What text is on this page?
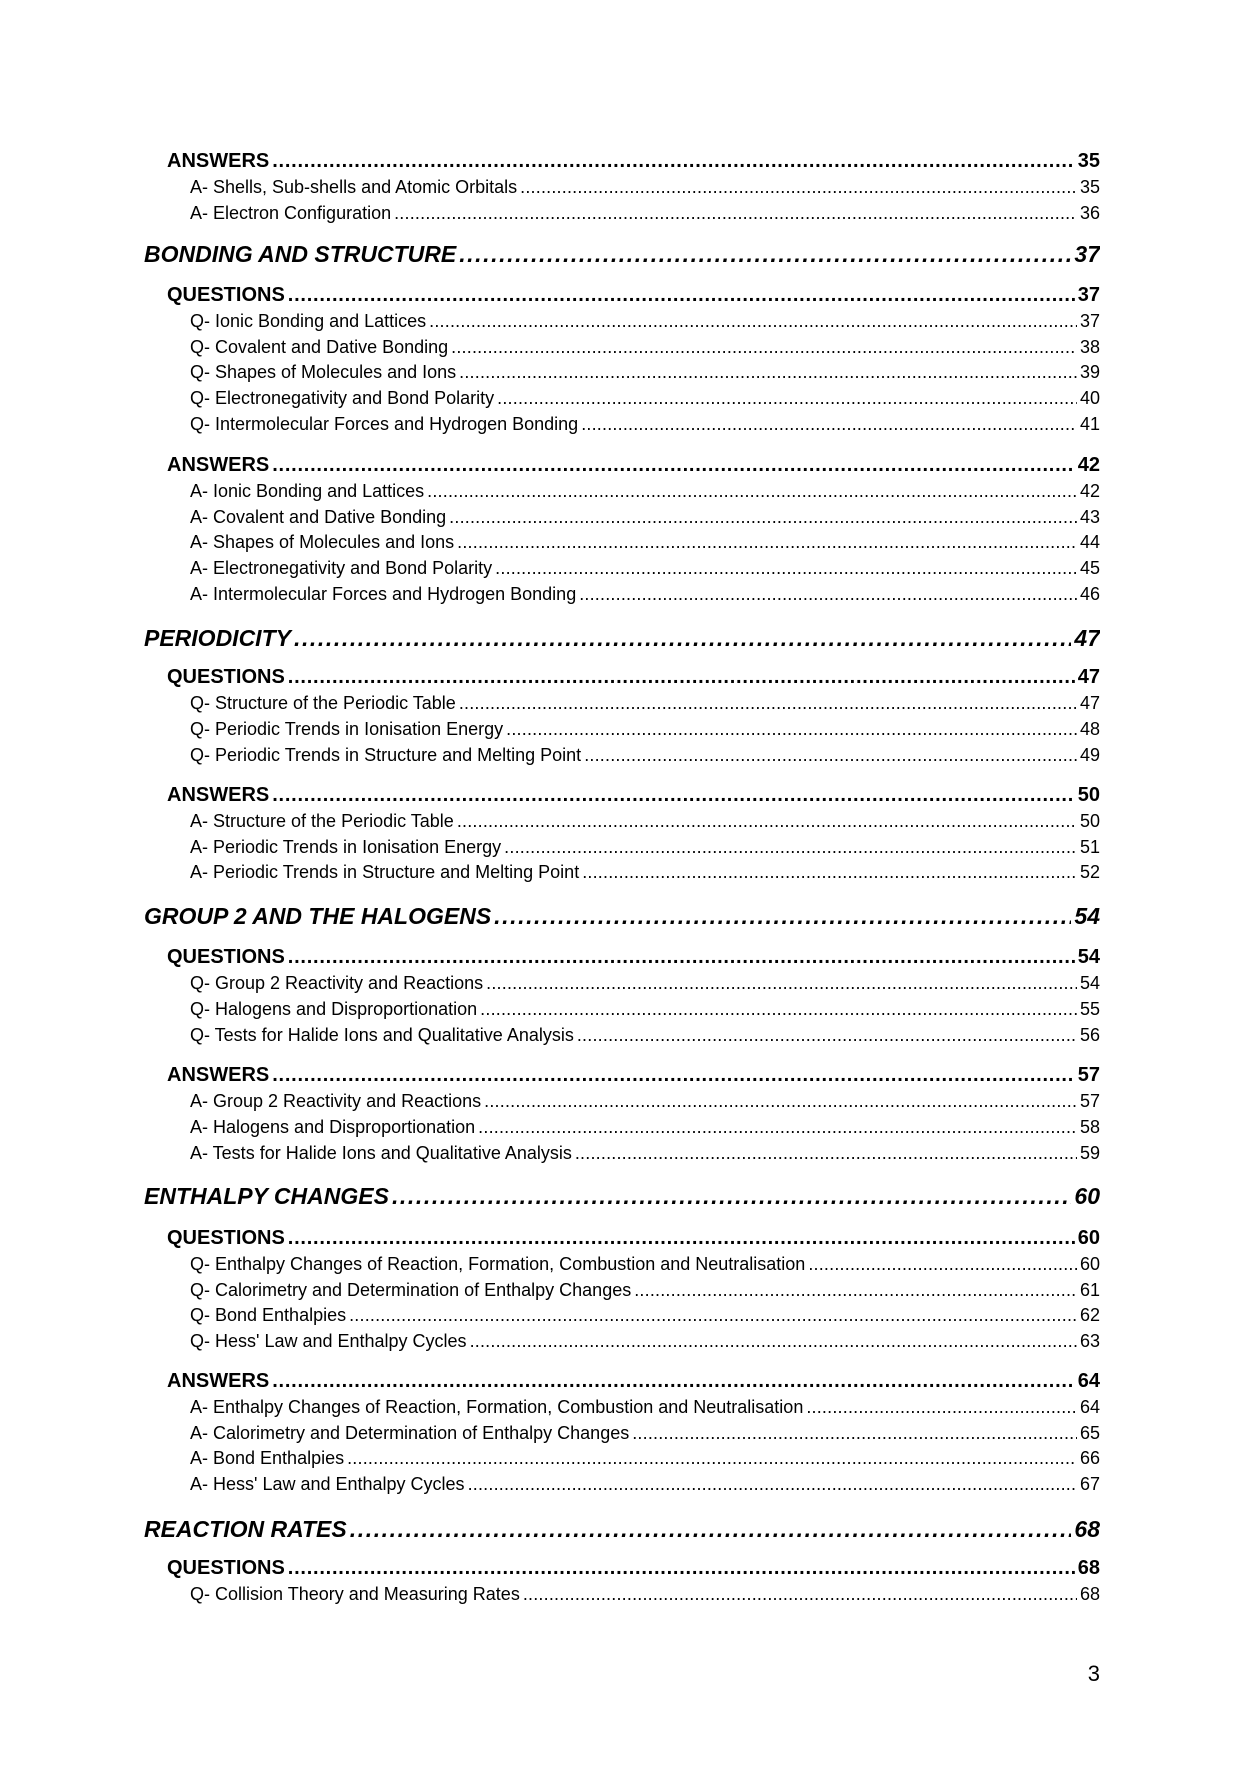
ANSWERS . . .	35
A- Shells, Sub-shells and Atomic Orbitals . . .	35
A- Electron Configuration . . .	36
BONDING AND STRUCTURE . . .	37
QUESTIONS . . .	37
Q- Ionic Bonding and Lattices . . .	37
Q- Covalent and Dative Bonding . . .	38
Q- Shapes of Molecules and Ions . . .	39
Q- Electronegativity and Bond Polarity . . .	40
Q- Intermolecular Forces and Hydrogen Bonding . . .	41
ANSWERS . . .	42
A- Ionic Bonding and Lattices . . .	42
A- Covalent and Dative Bonding . . .	43
A- Shapes of Molecules and Ions . . .	44
A- Electronegativity and Bond Polarity . . .	45
A- Intermolecular Forces and Hydrogen Bonding . . .	46
PERIODICITY . . .	47
QUESTIONS . . .	47
Q- Structure of the Periodic Table . . .	47
Q- Periodic Trends in Ionisation Energy . . .	48
Q- Periodic Trends in Structure and Melting Point . . .	49
ANSWERS . . .	50
A- Structure of the Periodic Table . . .	50
A- Periodic Trends in Ionisation Energy . . .	51
A- Periodic Trends in Structure and Melting Point . . .	52
GROUP 2 AND THE HALOGENS . . .	54
QUESTIONS . . .	54
Q- Group 2 Reactivity and Reactions . . .	54
Q- Halogens and Disproportionation . . .	55
Q- Tests for Halide Ions and Qualitative Analysis . . .	56
ANSWERS . . .	57
A- Group 2 Reactivity and Reactions . . .	57
A- Halogens and Disproportionation . . .	58
A- Tests for Halide Ions and Qualitative Analysis . . .	59
ENTHALPY CHANGES . . .	60
QUESTIONS . . .	60
Q- Enthalpy Changes of Reaction, Formation, Combustion and Neutralisation . . .	60
Q- Calorimetry and Determination of Enthalpy Changes . . .	61
Q- Bond Enthalpies . . .	62
Q- Hess' Law and Enthalpy Cycles . . .	63
ANSWERS . . .	64
A- Enthalpy Changes of Reaction, Formation, Combustion and Neutralisation . . .	64
A- Calorimetry and Determination of Enthalpy Changes . . .	65
A- Bond Enthalpies . . .	66
A- Hess' Law and Enthalpy Cycles . . .	67
REACTION RATES . . .	68
QUESTIONS . . .	68
Q- Collision Theory and Measuring Rates . . .	68
3
